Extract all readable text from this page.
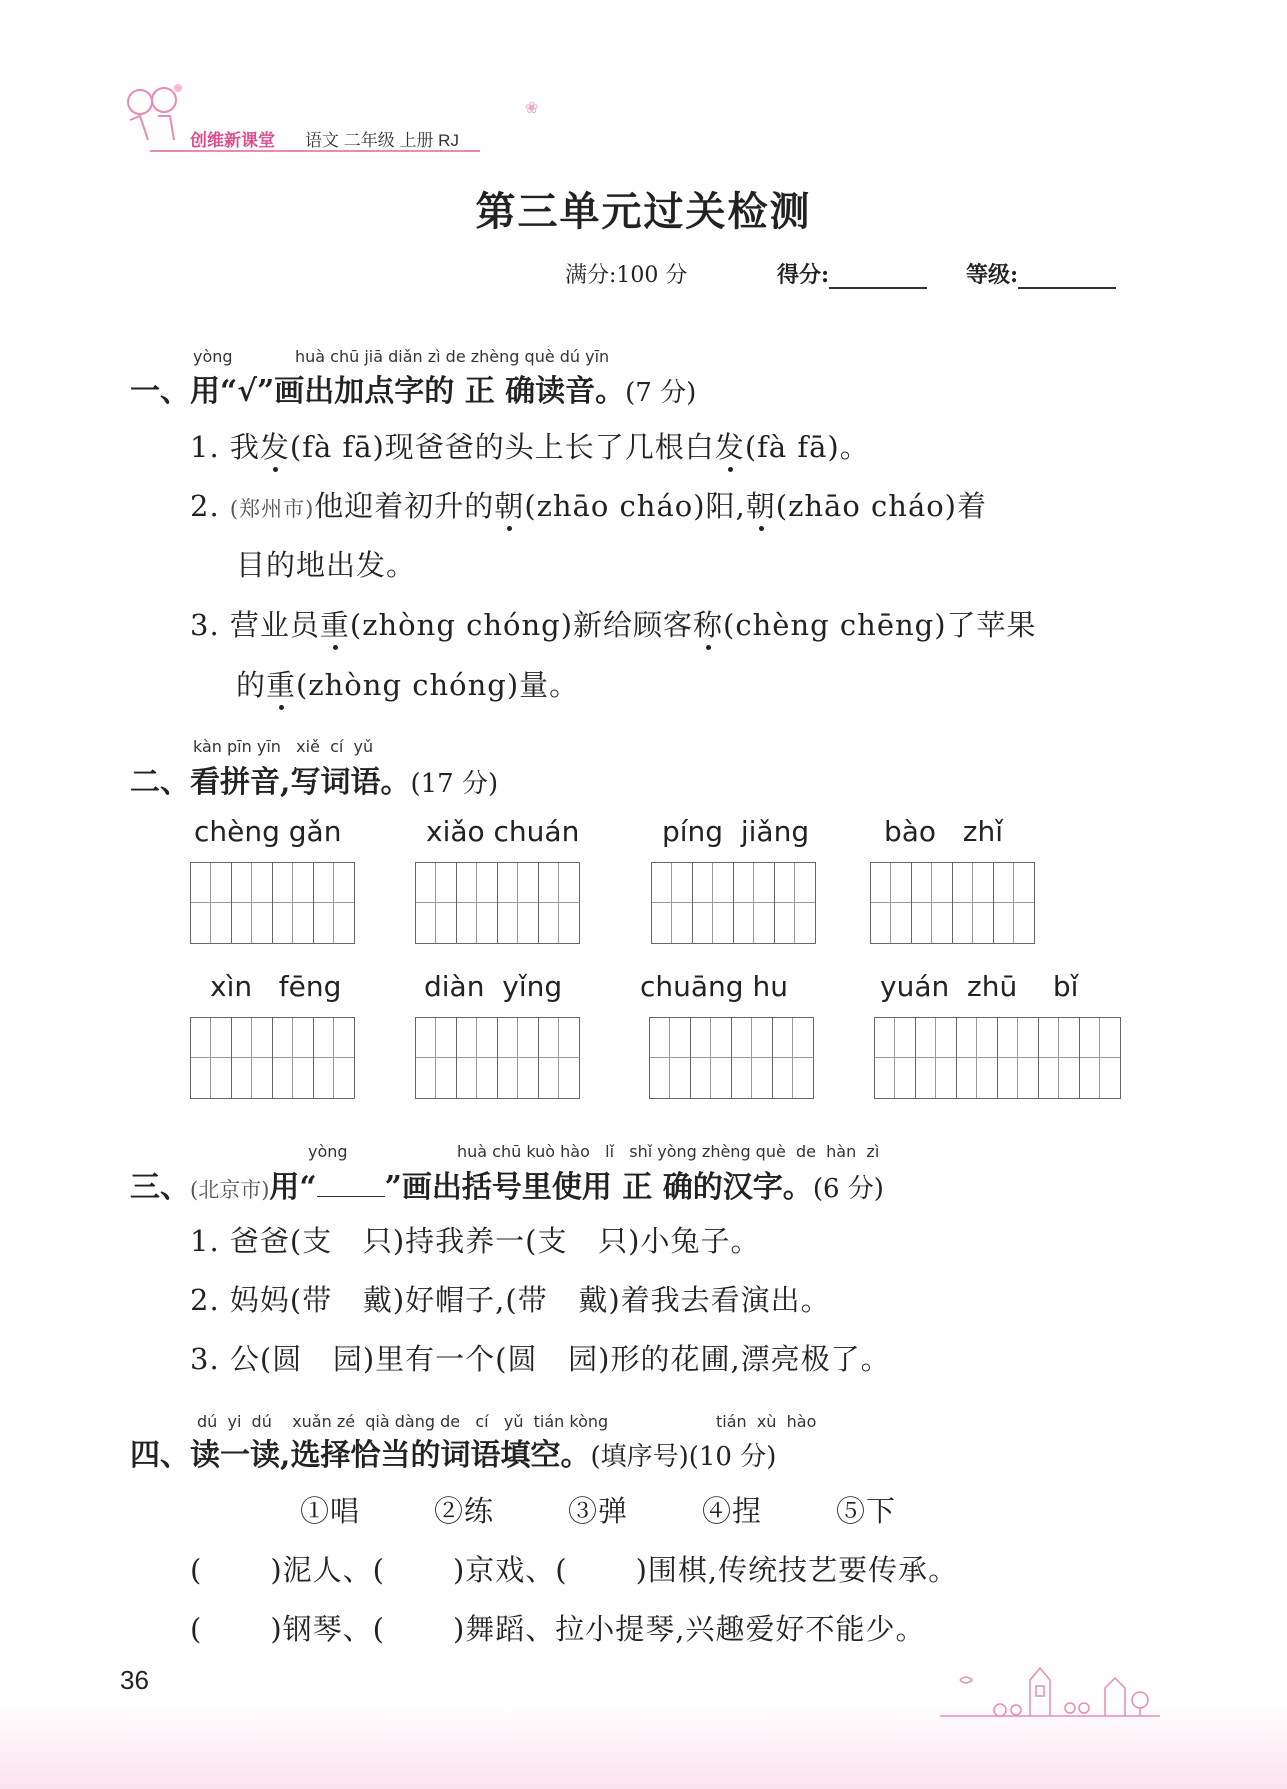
创维新课堂 语文 二年级 上册 RJ
❀
第三单元过关检测
满分:100 分	得分:	等级:
yòng	huà chū jiā diǎn zì de zhèng què dú yīn
一、用“√”画出加点字的 正 确读音。(7 分)
1. 我发(fà fā)现爸爸的头上长了几根白发(fà fā)。
2. (郑州市)他迎着初升的朝(zhāo cháo)阳,朝(zhāo cháo)着
目的地出发。
3. 营业员重(zhòng chóng)新给顾客称(chèng chēng)了苹果
的重(zhòng chóng)量。
kàn pīn yīn   xiě  cí  yǔ
二、看拼音,写词语。(17 分)
chèng gǎn	xiǎo chuán	píng  jiǎng	bào   zhǐ
xìn   fēng	diàn  yǐng	chuāng hu	yuán  zhū    bǐ
yòng	huà chū kuò hào   lǐ   shǐ yòng zhèng què  de  hàn  zì
三、(北京市)用“ ”画出括号里使用 正 确的汉字。(6 分)
1. 爸爸(支   只)持我养一(支   只)小兔子。
2. 妈妈(带   戴)好帽子,(带   戴)着我去看演出。
3. 公(圆   园)里有一个(圆   园)形的花圃,漂亮极了。
dú  yi  dú    xuǎn zé  qià dàng de   cí   yǔ  tián kòng	tián  xù  hào
四、读一读,选择恰当的词语填空。(填序号)(10 分)
①唱	②练	③弹	④捏	⑤下
( )泥人、( )京戏、( )围棋,传统技艺要传承。
( )钢琴、( )舞蹈、拉小提琴,兴趣爱好不能少。
36
